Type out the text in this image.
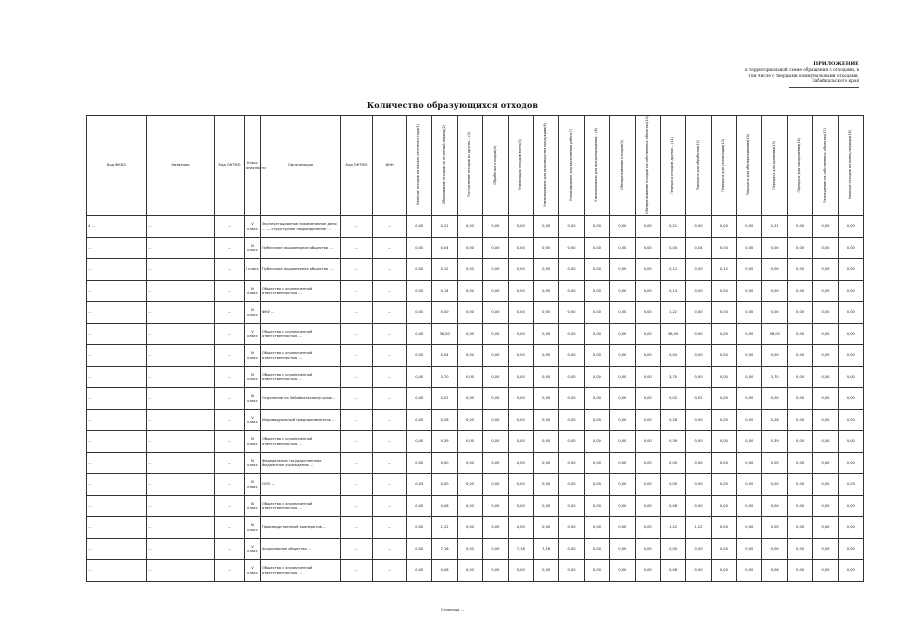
ПРИЛОЖЕНИЕ
к территориальной схеме обращения с отходами, в
том числе с твердыми коммунальными отходами,
Забайкальского края
Количество образующихся отходов
Код ФККО	Название	Код ОКТМО	Класс опасности	Организация	Код ОКТМО	ИНН	Наличие отходов на начало отчетного года(1)	Образование отходов за отчетный период(2)	Поступление отходов из других... (3)	Обработка отходов(4)	Утилизация отходов всего(5)	Утилизировано для производства продукции(6)	Утилизировано для выполнения работ(7)	Утилизировано для предотвращения... (8)	Обезвреживание отходов(9)	Обезвреживание отходов на собственных объектах(10)	Передача отходов другим... (11)	Передача для обработки(12)	Передача для утилизации(13)	Передача для обезвреживания(14)	Передача для хранения(15)	Передача для захоронения(16)	Размещение на собственных объектах(17)	Наличие отходов на конец периода(18)
4 …	…	…	V класс	Эксплуатационное локомотивное депо … — структурное подразделение …	…	…	0,00	0,21	0,00	0,00	0,00	0,00	0,00	0,00	0,00	0,00	0,21	0,00	0,00	0,00	0,21	0,00	0,00	0,00
…	…	…	IV класс	Публичное акционерное общество …	…	…	0,00	0,04	0,00	0,00	0,00	0,00	0,00	0,00	0,00	0,00	0,04	0,04	0,00	0,00	0,00	0,00	0,00	0,00
…	…	…	I класс	Публичное акционерное общество …	…	…	0,00	0,12	0,00	0,00	0,00	0,00	0,00	0,00	0,00	0,00	0,12	0,00	0,12	0,00	0,00	0,00	0,00	0,00
…	…	…	IV класс	Общество с ограниченной ответственностью …	…	…	0,00	0,14	0,00	0,00	0,00	0,00	0,00	0,00	0,00	0,00	0,14	0,00	0,00	0,00	0,00	0,00	0,00	0,00
…	…	…	IV класс	ФКУ …	…	…	0,00	0,00	0,00	0,00	0,00	0,00	0,00	0,00	0,00	0,00	1,22	0,00	0,00	0,00	0,00	0,00	0,00	0,00
…	…	…	V класс	Общество с ограниченной ответственностью …	…	…	0,00	38,00	0,00	0,00	0,00	0,00	0,00	0,00	0,00	0,00	38,00	0,00	0,00	0,00	38,00	0,00	0,00	0,00
…	…	…	IV класс	Общество с ограниченной ответственностью …	…	…	0,00	0,04	0,00	0,00	0,00	0,00	0,00	0,00	0,00	0,00	0,04	0,00	0,00	0,00	0,00	0,00	0,00	0,00
…	…	…	IV класс	Общество с ограниченной ответственностью …	…	…	0,00	3,70	0,00	0,00	0,00	0,00	0,00	0,00	0,00	0,00	3,70	0,00	0,00	0,00	3,70	0,00	0,00	0,00
…	…	…	III класс	Отделение по Забайкальскому краю …	…	…	0,00	0,02	0,00	0,00	0,00	0,00	0,00	0,00	0,00	0,00	0,02	0,02	0,00	0,00	0,00	0,00	0,00	0,00
…	…	…	V класс	Индивидуальный предприниматель …	…	…	0,00	0,28	0,00	0,00	0,00	0,00	0,00	0,00	0,00	0,00	0,28	0,00	0,00	0,00	0,28	0,00	0,00	0,00
…	…	…	IV класс	Общество с ограниченной ответственностью …	…	…	0,00	0,39	0,00	0,00	0,00	0,00	0,00	0,00	0,00	0,00	0,39	0,00	0,00	0,00	0,39	0,00	0,00	0,00
…	…	…	IV класс	Федеральное государственное бюджетное учреждение …	…	…	0,00	0,00	0,00	0,00	0,00	0,00	0,00	0,00	0,00	0,00	0,00	0,00	0,00	0,00	0,00	0,00	0,00	0,00
…	…	…	IV класс	ООО …	…	…	0,03	0,00	0,00	0,00	0,00	0,00	0,00	0,00	0,00	0,00	0,00	0,00	0,00	0,00	0,00	0,00	0,00	0,03
…	…	…	III класс	Общество с ограниченной ответственностью …	…	…	0,00	0,06	0,00	0,00	0,00	0,00	0,00	0,00	0,00	0,00	0,06	0,00	0,00	0,00	0,00	0,00	0,00	0,00
…	…	…	III класс	Производственный кооператив …	…	…	0,00	1,22	0,00	0,00	0,00	0,00	0,00	0,00	0,00	0,00	1,22	1,22	0,00	0,00	0,00	0,00	0,00	0,00
…	…	…	V класс	Акционерное общество …	…	…	0,00	7,16	0,00	0,00	7,16	7,16	0,00	0,00	0,00	0,00	0,00	0,00	0,00	0,00	0,00	0,00	0,00	0,00
…	…	…	V класс	Общество с ограниченной ответственностью …	…	…	0,00	0,06	0,00	0,00	0,00	0,00	0,00	0,00	0,00	0,00	0,06	0,00	0,00	0,00	0,06	0,00	0,00	0,00
Страница …
